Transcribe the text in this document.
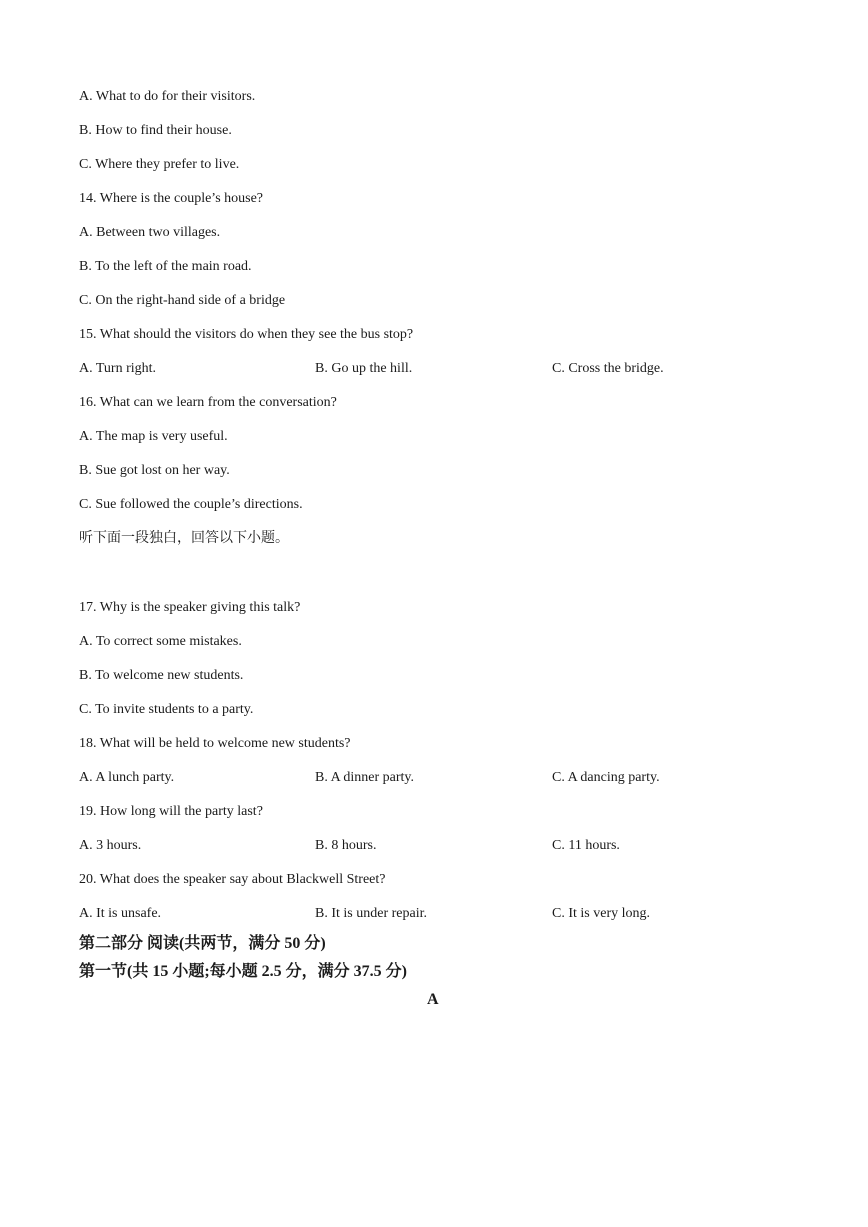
A. What to do for their visitors.
B. How to find their house.
C. Where they prefer to live.
14. Where is the couple’s house?
A. Between two villages.
B. To the left of the main road.
C. On the right-hand side of a bridge
15. What should the visitors do when they see the bus stop?
A. Turn right.	B. Go up the hill.	C. Cross the bridge.
16. What can we learn from the conversation?
A. The map is very useful.
B. Sue got lost on her way.
C. Sue followed the couple’s directions.
听下面一段独白，回答以下小题。
17. Why is the speaker giving this talk?
A. To correct some mistakes.
B. To welcome new students.
C. To invite students to a party.
18. What will be held to welcome new students?
A. A lunch party.	B. A dinner party.	C. A dancing party.
19. How long will the party last?
A. 3 hours.	B. 8 hours.	C. 11 hours.
20. What does the speaker say about Blackwell Street?
A. It is unsafe.	B. It is under repair.	C. It is very long.
第二部分 阅读(共两节，满分 50 分)
第一节(共 15 小题;每小题 2.5 分，满分 37.5 分)
A
